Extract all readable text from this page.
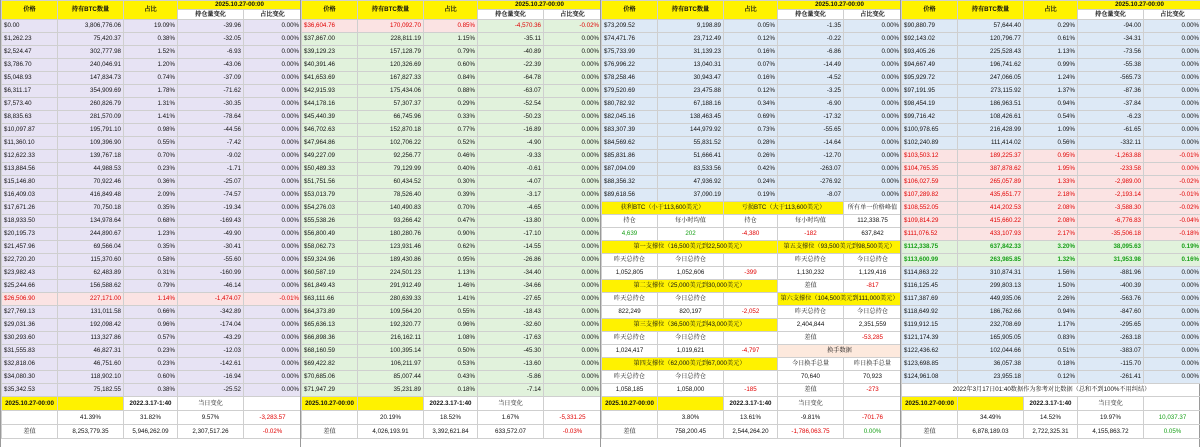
价格	持有BTC数量	占比	2025.10.27-00:00	
			持仓量变化	占比变化
$0.00	3,806,776.06	19.09%	-39.96	0.00%
$1,262.23	75,420.37	0.38%	-32.05	0.00%
$2,524.47	302,777.98	1.52%	-6.93	0.00%
$3,786.70	240,046.91	1.20%	-43.06	0.00%
$5,048.93	147,834.73	0.74%	-37.09	0.00%
$6,311.17	354,909.69	1.78%	-71.62	0.00%
$7,573.40	260,826.79	1.31%	-30.35	0.00%
$8,835.63	281,570.09	1.41%	-78.64	0.00%
$10,097.87	195,791.10	0.98%	-44.56	0.00%
$11,360.10	109,396.90	0.55%	-7.42	0.00%
$12,622.33	139,767.18	0.70%	-9.02	0.00%
$13,884.56	44,988.53	0.23%	-1.71	0.00%
$15,146.80	70,922.46	0.36%	-25.07	0.00%
$16,409.03	416,849.48	2.09%	-74.57	0.00%
$17,671.26	70,750.18	0.35%	-19.34	0.00%
$18,933.50	134,978.64	0.68%	-169.43	0.00%
$20,195.73	244,890.67	1.23%	-49.90	0.00%
$21,457.96	69,566.04	0.35%	-30.41	0.00%
$22,720.20	115,370.60	0.58%	-55.60	0.00%
$23,982.43	62,483.89	0.31%	-160.99	0.00%
$25,244.66	156,588.62	0.79%	-46.14	0.00%
$26,506.90	227,171.00	1.14%	-1,474.07	-0.01%
$27,769.13	131,011.58	0.66%	-342.89	0.00%
$29,031.36	192,098.42	0.96%	-174.04	0.00%
$30,293.60	113,327.86	0.57%	-43.29	0.00%
$31,555.83	46,827.31	0.23%	-12.03	0.00%
$32,818.06	46,751.60	0.23%	-142.61	0.00%
$34,080.30	118,902.10	0.60%	-16.94	0.00%
$35,342.53	75,182.55	0.38%	-25.52	0.00%
2025.10.27-00:00		2022.3.17-1:40	当日变化	
	41.39%	31.82%	9.57%	-3,283.57
差值	8,253,779.35	5,946,262.09	2,307,517.26	-0.02%
价格	持有BTC数量	占比	2025.10.27-00:00	
			持仓量变化	占比变化
$36,604.76	170,092.70	0.85%	-4,570.36	-0.02%
$37,867.00	228,811.19	1.15%	-35.11	0.00%
$39,129.23	157,128.79	0.79%	-40.89	0.00%
$40,391.46	120,326.69	0.60%	-22.39	0.00%
$41,653.69	167,827.33	0.84%	-64.78	0.00%
$42,915.93	175,434.06	0.88%	-63.07	0.00%
$44,178.16	57,307.37	0.29%	-52.54	0.00%
$45,440.39	66,745.96	0.33%	-50.23	0.00%
$46,702.63	152,870.18	0.77%	-16.89	0.00%
$47,964.86	102,706.22	0.52%	-4.90	0.00%
$49,227.09	92,256.77	0.46%	-9.33	0.00%
$50,489.33	79,129.99	0.40%	-0.61	0.00%
$51,751.56	60,434.52	0.30%	-4.07	0.00%
$53,013.79	78,526.40	0.39%	-3.17	0.00%
$54,276.03	140,490.83	0.70%	-4.65	0.00%
$55,538.26	93,266.42	0.47%	-13.80	0.00%
$56,800.49	180,280.76	0.90%	-17.10	0.00%
$58,062.73	123,931.46	0.62%	-14.55	0.00%
$59,324.96	189,430.86	0.95%	-26.86	0.00%
$60,587.19	224,501.23	1.13%	-34.40	0.00%
$61,849.43	291,912.49	1.46%	-34.66	0.00%
$63,111.66	280,639.33	1.41%	-27.65	0.00%
$64,373.89	109,564.20	0.55%	-18.43	0.00%
$65,636.13	192,320.77	0.96%	-32.60	0.00%
$66,898.36	216,162.11	1.08%	-17.63	0.00%
$68,160.59	100,395.14	0.50%	-45.30	0.00%
$69,422.82	106,211.97	0.53%	-13.60	0.00%
$70,685.06	85,007.44	0.43%	-5.86	0.00%
$71,947.29	35,231.89	0.18%	-7.14	0.00%
2025.10.27-00:00		2022.3.17-1:40	当日变化	
	20.19%	18.52%	1.67%	-5,331.25
差值	4,026,193.91	3,392,621.84	633,572.07	-0.03%
价格	持有BTC数量	占比	2025.10.27-00:00	
			持仓量变化	占比变化
$73,209.52	9,198.89	0.05%	-1.35	0.00%
$74,471.76	23,712.49	0.12%	-0.22	0.00%
$75,733.99	31,139.23	0.16%	-6.86	0.00%
$76,996.22	13,040.31	0.07%	-14.49	0.00%
$78,258.46	30,943.47	0.16%	-4.52	0.00%
$79,520.69	23,475.88	0.12%	-3.25	0.00%
$80,782.92	67,188.16	0.34%	-6.90	0.00%
$82,045.16	138,463.45	0.69%	-17.32	0.00%
$83,307.39	144,979.92	0.73%	-55.65	0.00%
$84,569.62	55,831.52	0.28%	-14.64	0.00%
$85,831.86	51,666.41	0.26%	-12.70	0.00%
$87,094.09	83,533.56	0.42%	-263.07	0.00%
$88,356.32	47,936.92	0.24%	-276.92	0.00%
$89,618.56	37,090.19	0.19%	-8.07	0.00%
获利BTC（小于113,600美元）		亏损BTC（大于113,600美元）		所有单一价格峰值
持仓	每小时均值	持仓	每小时均值	112,338.75
4,639	202	-4,380	-182	637,842
第一支撑位（16,500美元到22,500美元）			第五支撑位（93,500美元到98,500美元）	
昨天总持仓	今日总持仓		昨天总持仓	今日总持仓
1,052,805	1,052,606	-399	1,130,232	1,129,416
第二支撑位（25,000美元到30,000美元）			差值	-817
昨天总持仓	今日总持仓		第六支撑位（104,500美元到111,000美元）	
822,249	820,197	-2,052	昨天总持仓	今日总持仓
第三支撑位（36,500美元到43,000美元）			2,404,844	2,351,559
昨天总持仓	今日总持仓		差值	-53,285
1,024,417	1,019,621	-4,797	换手数据	
第四支撑位（62,000美元到67,000美元）			今日换手总量	昨日换手总量
昨天总持仓	今日总持仓		70,640	70,923
1,058,185	1,058,000	-185	差值	-273
2025.10.27-00:00		2022.3.17-1:40	当日变化	
	3.80%	13.61%	-9.81%	-701.76
差值	758,200.45	2,544,264.20	-1,786,063.75	0.00%
价格	持有BTC数量	占比	2025.10.27-00:00	
			持仓量变化	占比变化
$90,880.79	57,644.40	0.29%	-94.00	0.00%
$92,143.02	120,796.77	0.61%	-34.31	0.00%
$93,405.26	225,528.43	1.13%	-73.56	0.00%
$94,667.49	196,741.62	0.99%	-55.38	0.00%
$95,929.72	247,066.05	1.24%	-565.73	0.00%
$97,191.95	273,115.92	1.37%	-87.36	0.00%
$98,454.19	186,963.51	0.94%	-37.84	0.00%
$99,716.42	108,426.61	0.54%	-6.23	0.00%
$100,978.65	216,428.99	1.09%	-61.65	0.00%
$102,240.89	111,414.02	0.56%	-332.11	0.00%
$103,503.12	189,225.37	0.95%	-1,263.88	-0.01%
$104,765.35	387,878.62	1.95%	-233.58	0.00%
$106,027.59	265,057.89	1.33%	-2,989.00	-0.02%
$107,289.82	435,651.77	2.18%	-2,193.14	-0.01%
$108,552.05	414,202.53	2.08%	-3,588.30	-0.02%
$109,814.29	415,660.22	2.08%	-6,776.83	-0.04%
$111,076.52	433,107.93	2.17%	-35,506.18	-0.18%
$112,338.75	637,842.33	3.20%	38,095.63	0.19%
$113,600.99	263,985.85	1.32%	31,953.98	0.16%
$114,863.22	310,874.31	1.56%	-881.96	0.00%
$116,125.45	299,803.13	1.50%	-400.39	0.00%
$117,387.69	449,935.06	2.26%	-563.76	0.00%
$118,649.92	186,762.66	0.94%	-847.60	0.00%
$119,912.15	232,708.69	1.17%	-295.65	0.00%
$121,174.39	165,905.05	0.83%	-263.18	0.00%
$122,436.62	102,044.66	0.51%	-383.07	0.00%
$123,698.85	36,057.38	0.18%	-115.70	0.00%
$124,961.08	23,955.18	0.12%	-261.41	0.00%
2022年3月17日01:40数据作为参考对比数据（总和不到100%不用纠结）				
2025.10.27-00:00		2022.3.17-1:40	当日变化	
	34.49%	14.52%	19.97%	10,037.37
差值	6,878,189.03	2,722,325.31	4,155,863.72	0.05%
